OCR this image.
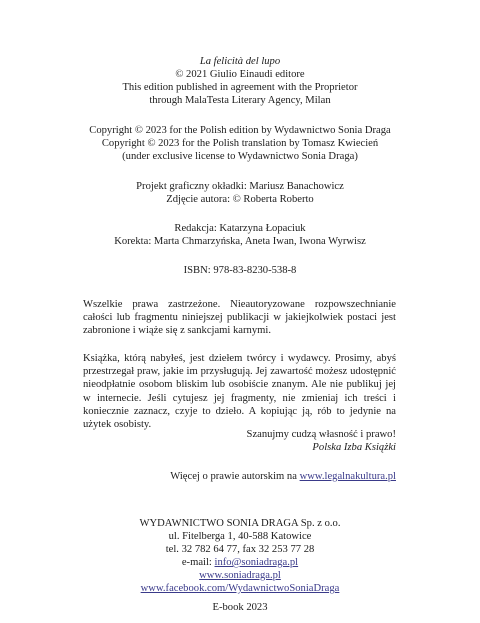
La felicità del lupo
© 2021 Giulio Einaudi editore
This edition published in agreement with the Proprietor
through MalaTesta Literary Agency, Milan
Copyright © 2023 for the Polish edition by Wydawnictwo Sonia Draga
Copyright © 2023 for the Polish translation by Tomasz Kwiecień
(under exclusive license to Wydawnictwo Sonia Draga)
Projekt graficzny okładki: Mariusz Banachowicz
Zdjęcie autora: © Roberta Roberto
Redakcja: Katarzyna Łopaciuk
Korekta: Marta Chmarzyńska, Aneta Iwan, Iwona Wyrwisz
ISBN: 978-83-8230-538-8
Wszelkie prawa zastrzeżone. Nieautoryzowane rozpowszechnianie całości lub fragmentu niniejszej publikacji w jakiejkolwiek postaci jest zabronione i wiąże się z sankcjami karnymi.
Książka, którą nabyłeś, jest dziełem twórcy i wydawcy. Prosimy, abyś przestrzegał praw, jakie im przysługują. Jej zawartość możesz udostępnić nieodpłatnie osobom bliskim lub osobiście znanym. Ale nie publikuj jej w internecie. Jeśli cytujesz jej fragmenty, nie zmieniaj ich treści i koniecznie zaznacz, czyje to dzieło. A kopiując ją, rób to jedynie na użytek osobisty.
Szanujmy cudzą własność i prawo!
Polska Izba Książki
Więcej o prawie autorskim na www.legalnakultura.pl
WYDAWNICTWO SONIA DRAGA Sp. z o.o.
ul. Fitelberga 1, 40-588 Katowice
tel. 32 782 64 77, fax 32 253 77 28
e-mail: info@soniadraga.pl
www.soniadraga.pl
www.facebook.com/WydawnictwoSoniaDraga
E-book 2023
